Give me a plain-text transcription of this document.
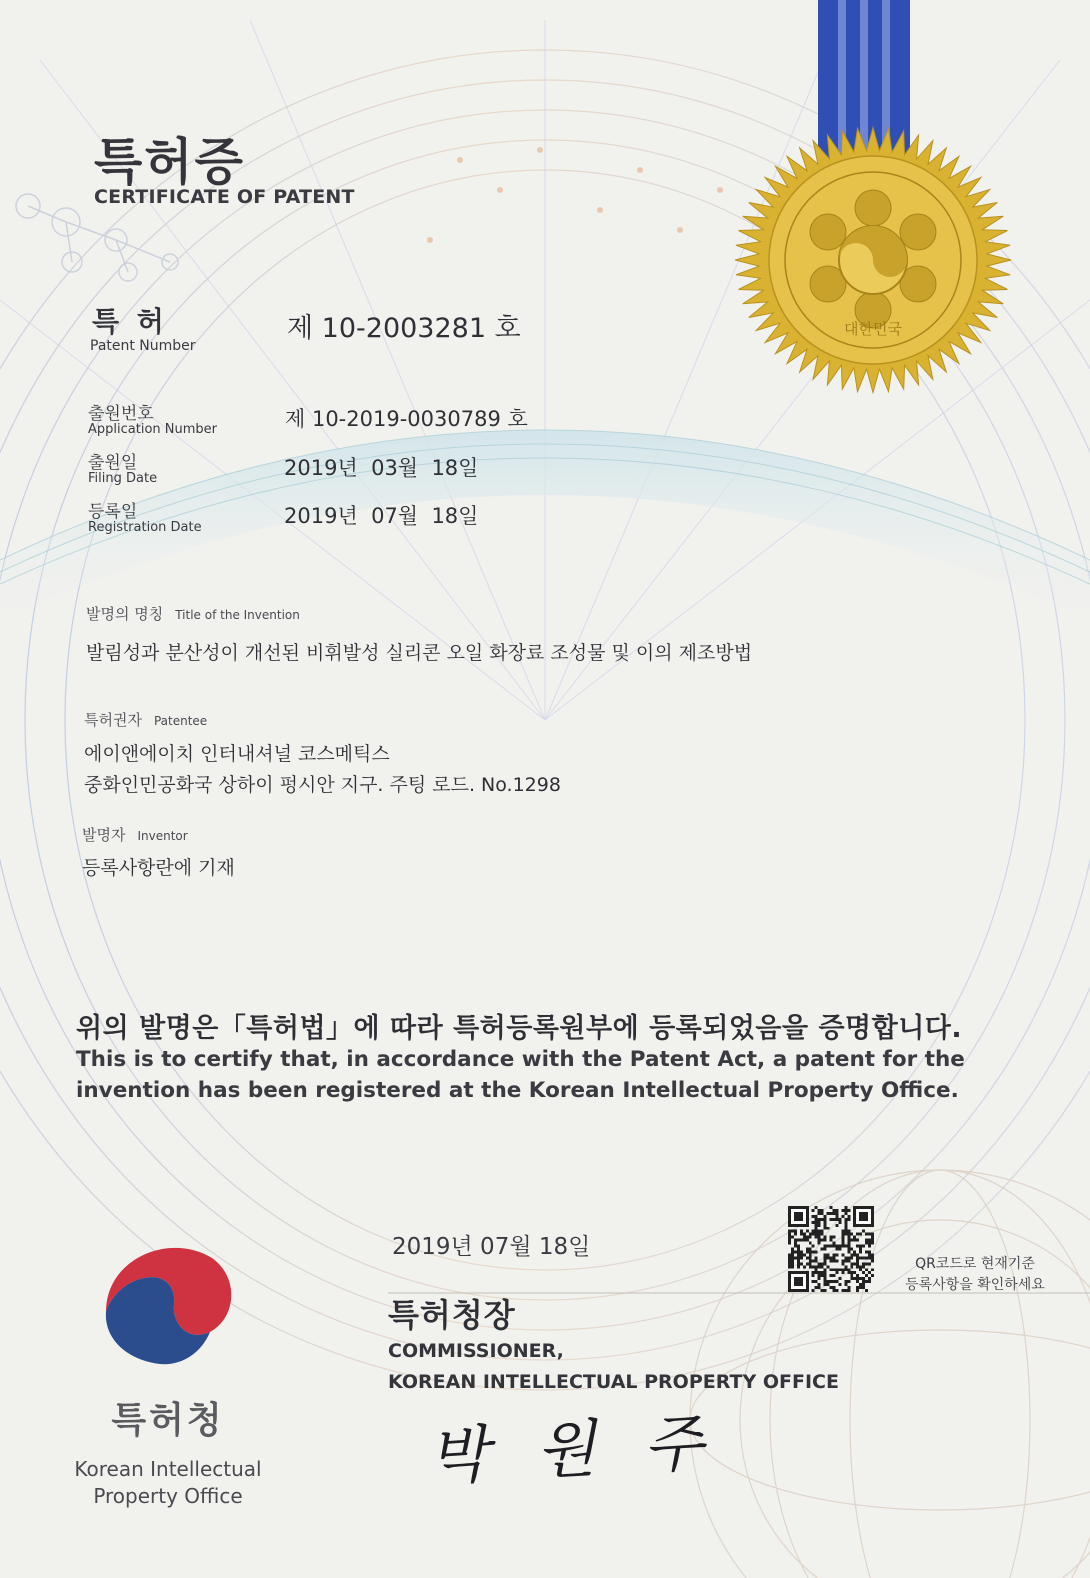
대한민국
특허증
CERTIFICATE OF PATENT
특 허
Patent Number
제 10-2003281 호
출원번호
Application Number	제 10-2019-0030789 호
출원일
Filing Date	2019년  03월  18일
등록일
Registration Date	2019년  07월  18일
발명의 명칭 Title of the Invention
발림성과 분산성이 개선된 비휘발성 실리콘 오일 화장료 조성물 및 이의 제조방법
특허권자 Patentee
에이앤에이치 인터내셔널 코스메틱스
중화인민공화국 상하이 펑시안 지구. 주팅 로드. No.1298
발명자 Inventor
등록사항란에 기재
위의 발명은「특허법」에 따라 특허등록원부에 등록되었음을 증명합니다.
This is to certify that, in accordance with the Patent Act, a patent for the invention has been registered at the Korean Intellectual Property Office.
2019년 07월 18일
특허청장
COMMISSIONER,
KOREAN INTELLECTUAL PROPERTY OFFICE
박 원 주
QR코드로 현재기준
등록사항을 확인하세요
특허청
Korean Intellectual
Property Office
